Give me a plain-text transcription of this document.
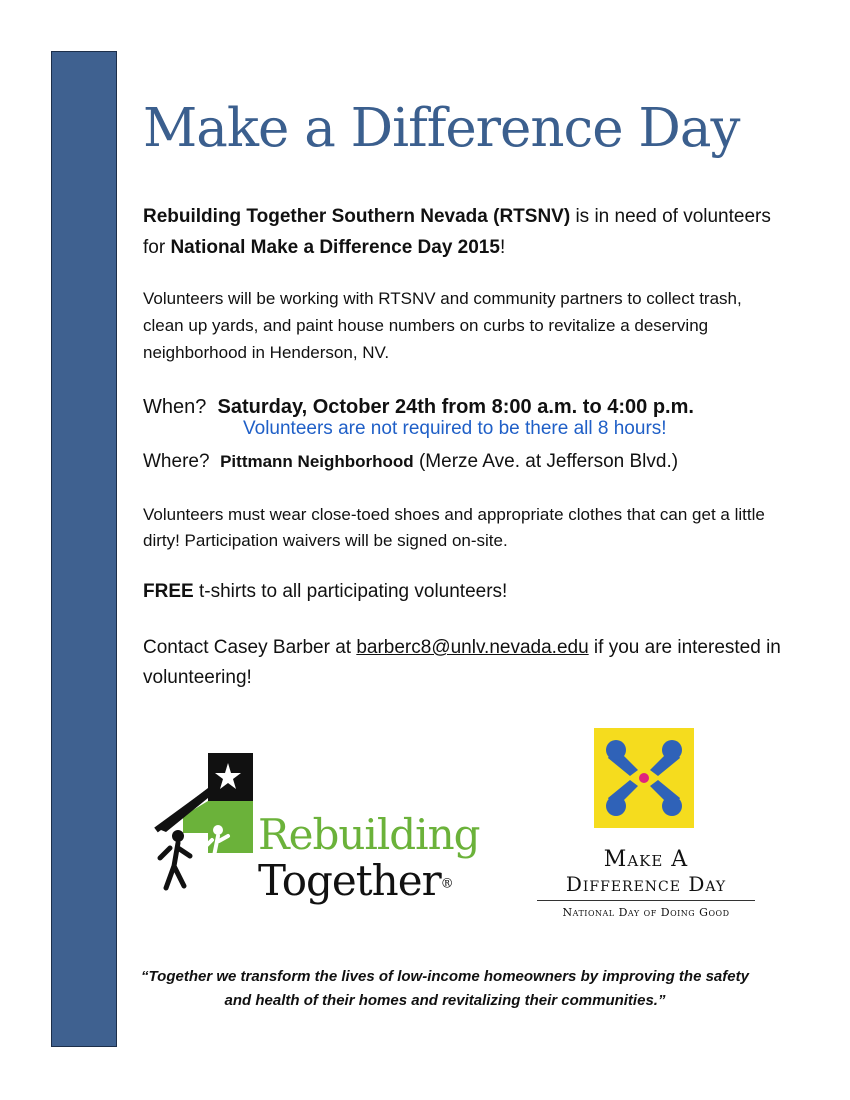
Make a Difference Day

Rebuilding Together Southern Nevada (RTSNV) is in need of volunteers for National Make a Difference Day 2015!

Volunteers will be working with RTSNV and community partners to collect trash, clean up yards, and paint house numbers on curbs to revitalize a deserving neighborhood in Henderson, NV.

When? Saturday, October 24th from 8:00 a.m. to 4:00 p.m.

Volunteers are not required to be there all 8 hours!

Where? Pittmann Neighborhood (Merze Ave. at Jefferson Blvd.)

Volunteers must wear close-toed shoes and appropriate clothes that can get a little dirty! Participation waivers will be signed on-site.

FREE t-shirts to all participating volunteers!

Contact Casey Barber at barberc8@unlv.nevada.edu if you are interested in volunteering!

Rebuilding
Together®
Make A
Difference Day
National Day of Doing Good
“Together we transform the lives of low-income homeowners by improving the safety and health of their homes and revitalizing their communities.”
